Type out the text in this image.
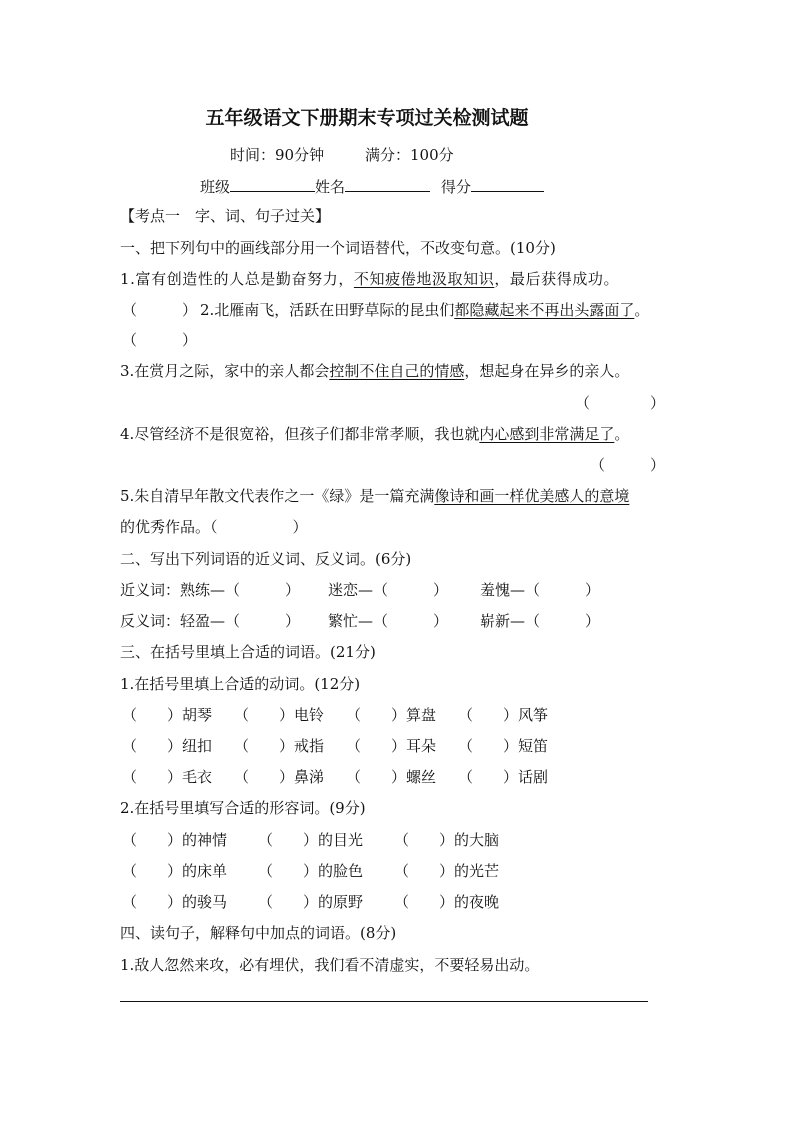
五年级语文下册期末专项过关检测试题
时间：90分钟	满分：100分
班级	姓名	得分
【考点一　字、词、句子过关】
一、把下列句中的画线部分用一个词语替代，不改变句意。(10分)
1.富有创造性的人总是勤奋努力，不知疲倦地汲取知识，最后获得成功。
（　　　） 2.北雁南飞，活跃在田野草际的昆虫们都隐藏起来不再出头露面了。
（　　　）
3.在赏月之际，家中的亲人都会控制不住自己的情感，想起身在异乡的亲人。
（　　　　）
4.尽管经济不是很宽裕，但孩子们都非常孝顺，我也就内心感到非常满足了。
（　　　）
5.朱自清早年散文代表作之一《绿》是一篇充满像诗和画一样优美感人的意境
的优秀作品。（　　　　　）
二、写出下列词语的近义词、反义词。(6分)
近义词：熟练—（　　　） 迷恋—（　　　） 羞愧—（　　　）
反义词：轻盈—（　　　） 繁忙—（　　　） 崭新—（　　　）
三、在括号里填上合适的词语。(21分)
1.在括号里填上合适的动词。(12分)
（　　）胡琴 （　　）电铃 （　　）算盘 （　　）风筝
（　　）纽扣 （　　）戒指 （　　）耳朵 （　　）短笛
（　　）毛衣 （　　）鼻涕 （　　）螺丝 （　　）话剧
2.在括号里填写合适的形容词。(9分)
（　　）的神情 （　　）的目光 （　　）的大脑
（　　）的床单 （　　）的脸色 （　　）的光芒
（　　）的骏马 （　　）的原野 （　　）的夜晚
四、读句子，解释句中加点的词语。(8分)
1.敌人忽然来攻，必有埋伏，我们看不清虚实，不要轻易出动。
